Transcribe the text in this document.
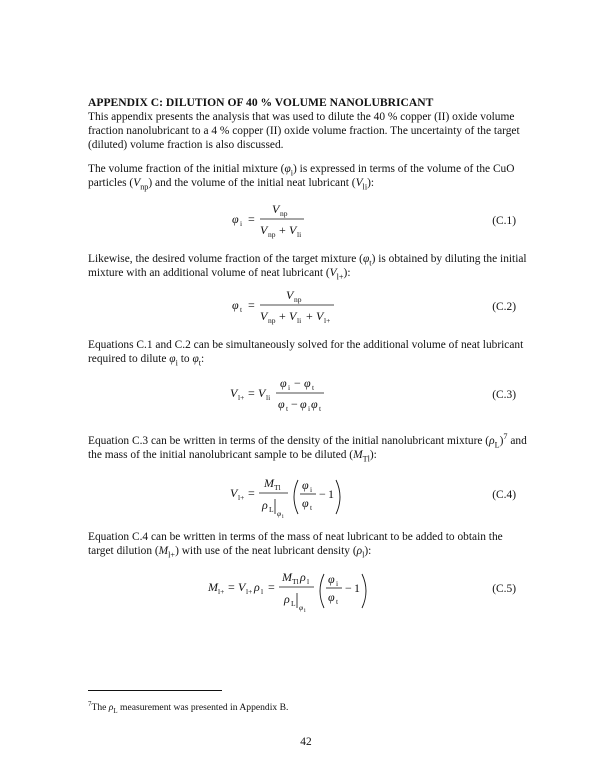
APPENDIX C: DILUTION OF 40 % VOLUME NANOLUBRICANT
This appendix presents the analysis that was used to dilute the 40 % copper (II) oxide volume fraction nanolubricant to a 4 % copper (II) oxide volume fraction. The uncertainty of the target (diluted) volume fraction is also discussed.
The volume fraction of the initial mixture $(\varphi_i)$ is expressed in terms of the volume of the CuO particles $(V_{np})$ and the volume of the initial neat lubricant $(V_{li})$:
φ i =
V np
V np + V li
(C.1)
Likewise, the desired volume fraction of the target mixture $(\varphi_t)$ is obtained by diluting the initial mixture with an additional volume of neat lubricant $(V_{l+})$:
φ t =
V np
V np + V li + V l+
(C.2)
Equations C.1 and C.2 can be simultaneously solved for the additional volume of neat lubricant required to dilute $\varphi_i$ to $\varphi_t$:
V l+ = V li
φ i − φ t
φ t − φ i φ t
(C.3)
Equation C.3 can be written in terms of the density of the initial nanolubricant mixture $(\rho_L)^7$ and the mass of the initial nanolubricant sample to be diluted $(M_{Tl})$:
V l+ =
M Tl
ρ L φ i
φ i
φ t
− 1	(C.4)
Equation C.4 can be written in terms of the mass of neat lubricant to be added to obtain the target dilution $(M_{l+})$ with use of the neat lubricant density $(\rho_l)$:
M l+ = V l+ ρ l =
M Tl ρ l
ρ L φ i
φ i
φ t
− 1	(C.5)
$^7$The $\rho_L$ measurement was presented in Appendix B.
42
